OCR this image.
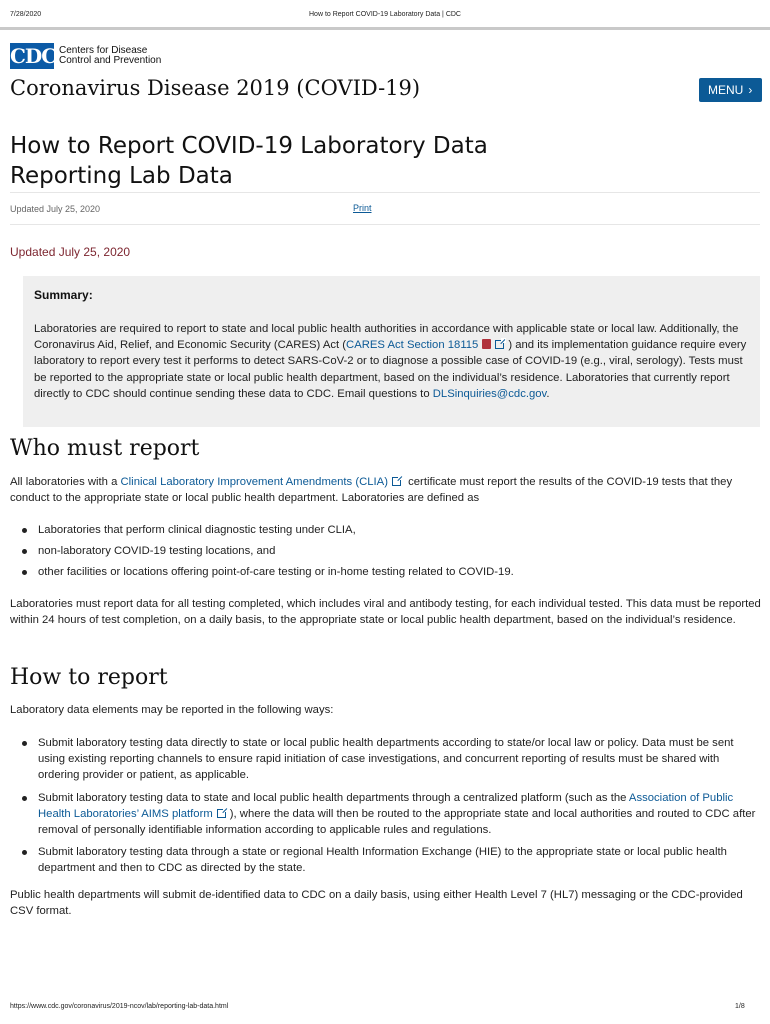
7/28/2020	How to Report COVID-19 Laboratory Data | CDC
CDC Centers for Disease
Control and Prevention
Coronavirus Disease 2019 (COVID-19)	MENU ›
How to Report COVID-19 Laboratory Data
Reporting Lab Data
Updated July 25, 2020	Print
Updated July 25, 2020
Summary:
Laboratories are required to report to state and local public health authorities in accordance with applicable state or local law. Additionally, the Coronavirus Aid, Relief, and Economic Security (CARES) Act (CARES Act Section 18115	) and its implementation guidance require every laboratory to report every test it performs to detect SARS-CoV-2 or to diagnose a possible case of COVID-19 (e.g., viral, serology). Tests must be reported to the appropriate state or local public health department, based on the individual’s residence. Laboratories that currently report directly to CDC should continue sending these data to CDC. Email questions to DLSinquiries@cdc.gov.
Who must report
All laboratories with a Clinical Laboratory Improvement Amendments (CLIA) certificate must report the results of the COVID-19 tests that they conduct to the appropriate state or local public health department. Laboratories are defined as
Laboratories that perform clinical diagnostic testing under CLIA,
non-laboratory COVID-19 testing locations, and
other facilities or locations offering point-of-care testing or in-home testing related to COVID-19.
Laboratories must report data for all testing completed, which includes viral and antibody testing, for each individual tested. This data must be reported within 24 hours of test completion, on a daily basis, to the appropriate state or local public health department, based on the individual’s residence.
How to report
Laboratory data elements may be reported in the following ways:
Submit laboratory testing data directly to state or local public health departments according to state/or local law or policy. Data must be sent using existing reporting channels to ensure rapid initiation of case investigations, and concurrent reporting of results must be shared with ordering provider or patient, as applicable.
Submit laboratory testing data to state and local public health departments through a centralized platform (such as the Association of Public Health Laboratories’ AIMS platform ), where the data will then be routed to the appropriate state and local authorities and routed to CDC after removal of personally identifiable information according to applicable rules and regulations.
Submit laboratory testing data through a state or regional Health Information Exchange (HIE) to the appropriate state or local public health department and then to CDC as directed by the state.
Public health departments will submit de-identified data to CDC on a daily basis, using either Health Level 7 (HL7) messaging or the CDC-provided CSV format.
https://www.cdc.gov/coronavirus/2019-ncov/lab/reporting-lab-data.html	1/8
